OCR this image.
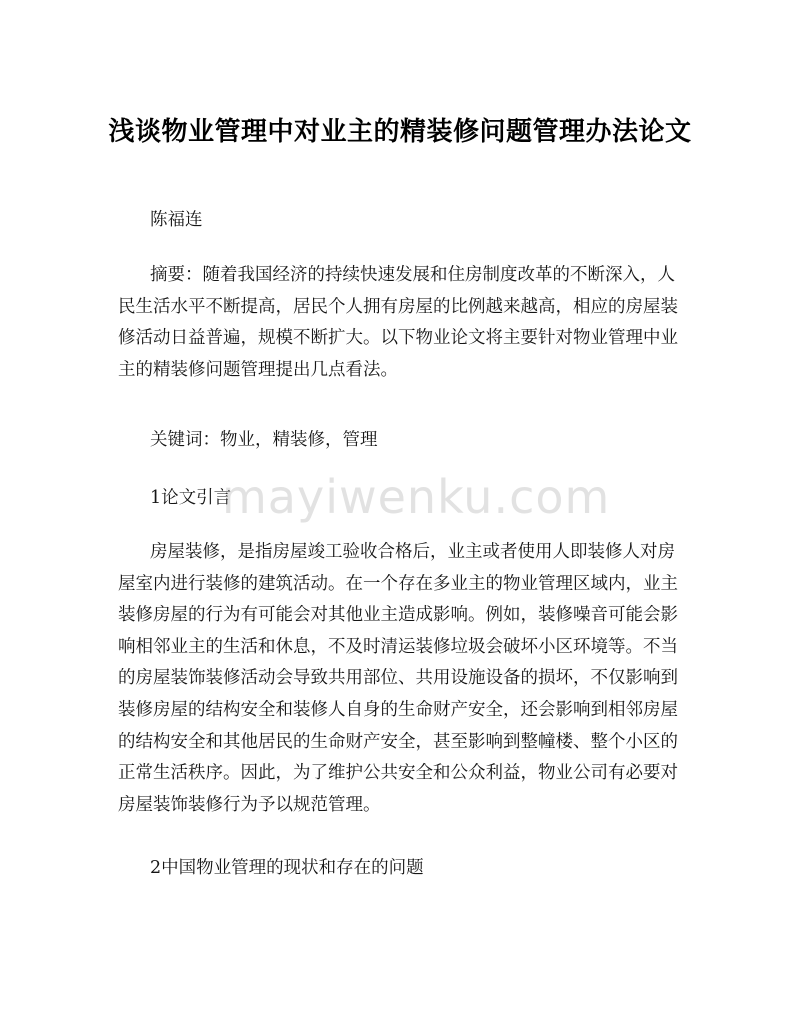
浅谈物业管理中对业主的精装修问题管理办法论文

陈福连

摘要：随着我国经济的持续快速发展和住房制度改革的不断深入，人民生活水平不断提高，居民个人拥有房屋的比例越来越高，相应的房屋装修活动日益普遍，规模不断扩大。以下物业论文将主要针对物业管理中业主的精装修问题管理提出几点看法。

关键词：物业，精装修，管理

1论文引言

房屋装修，是指房屋竣工验收合格后，业主或者使用人即装修人对房屋室内进行装修的建筑活动。在一个存在多业主的物业管理区域内，业主装修房屋的行为有可能会对其他业主造成影响。例如，装修噪音可能会影响相邻业主的生活和休息，不及时清运装修垃圾会破坏小区环境等。不当的房屋装饰装修活动会导致共用部位、共用设施设备的损坏，不仅影响到装修房屋的结构安全和装修人自身的生命财产安全，还会影响到相邻房屋的结构安全和其他居民的生命财产安全，甚至影响到整幢楼、整个小区的正常生活秩序。因此，为了维护公共安全和公众利益，物业公司有必要对房屋装饰装修行为予以规范管理。

2中国物业管理的现状和存在的问题

mayiwenku.com
